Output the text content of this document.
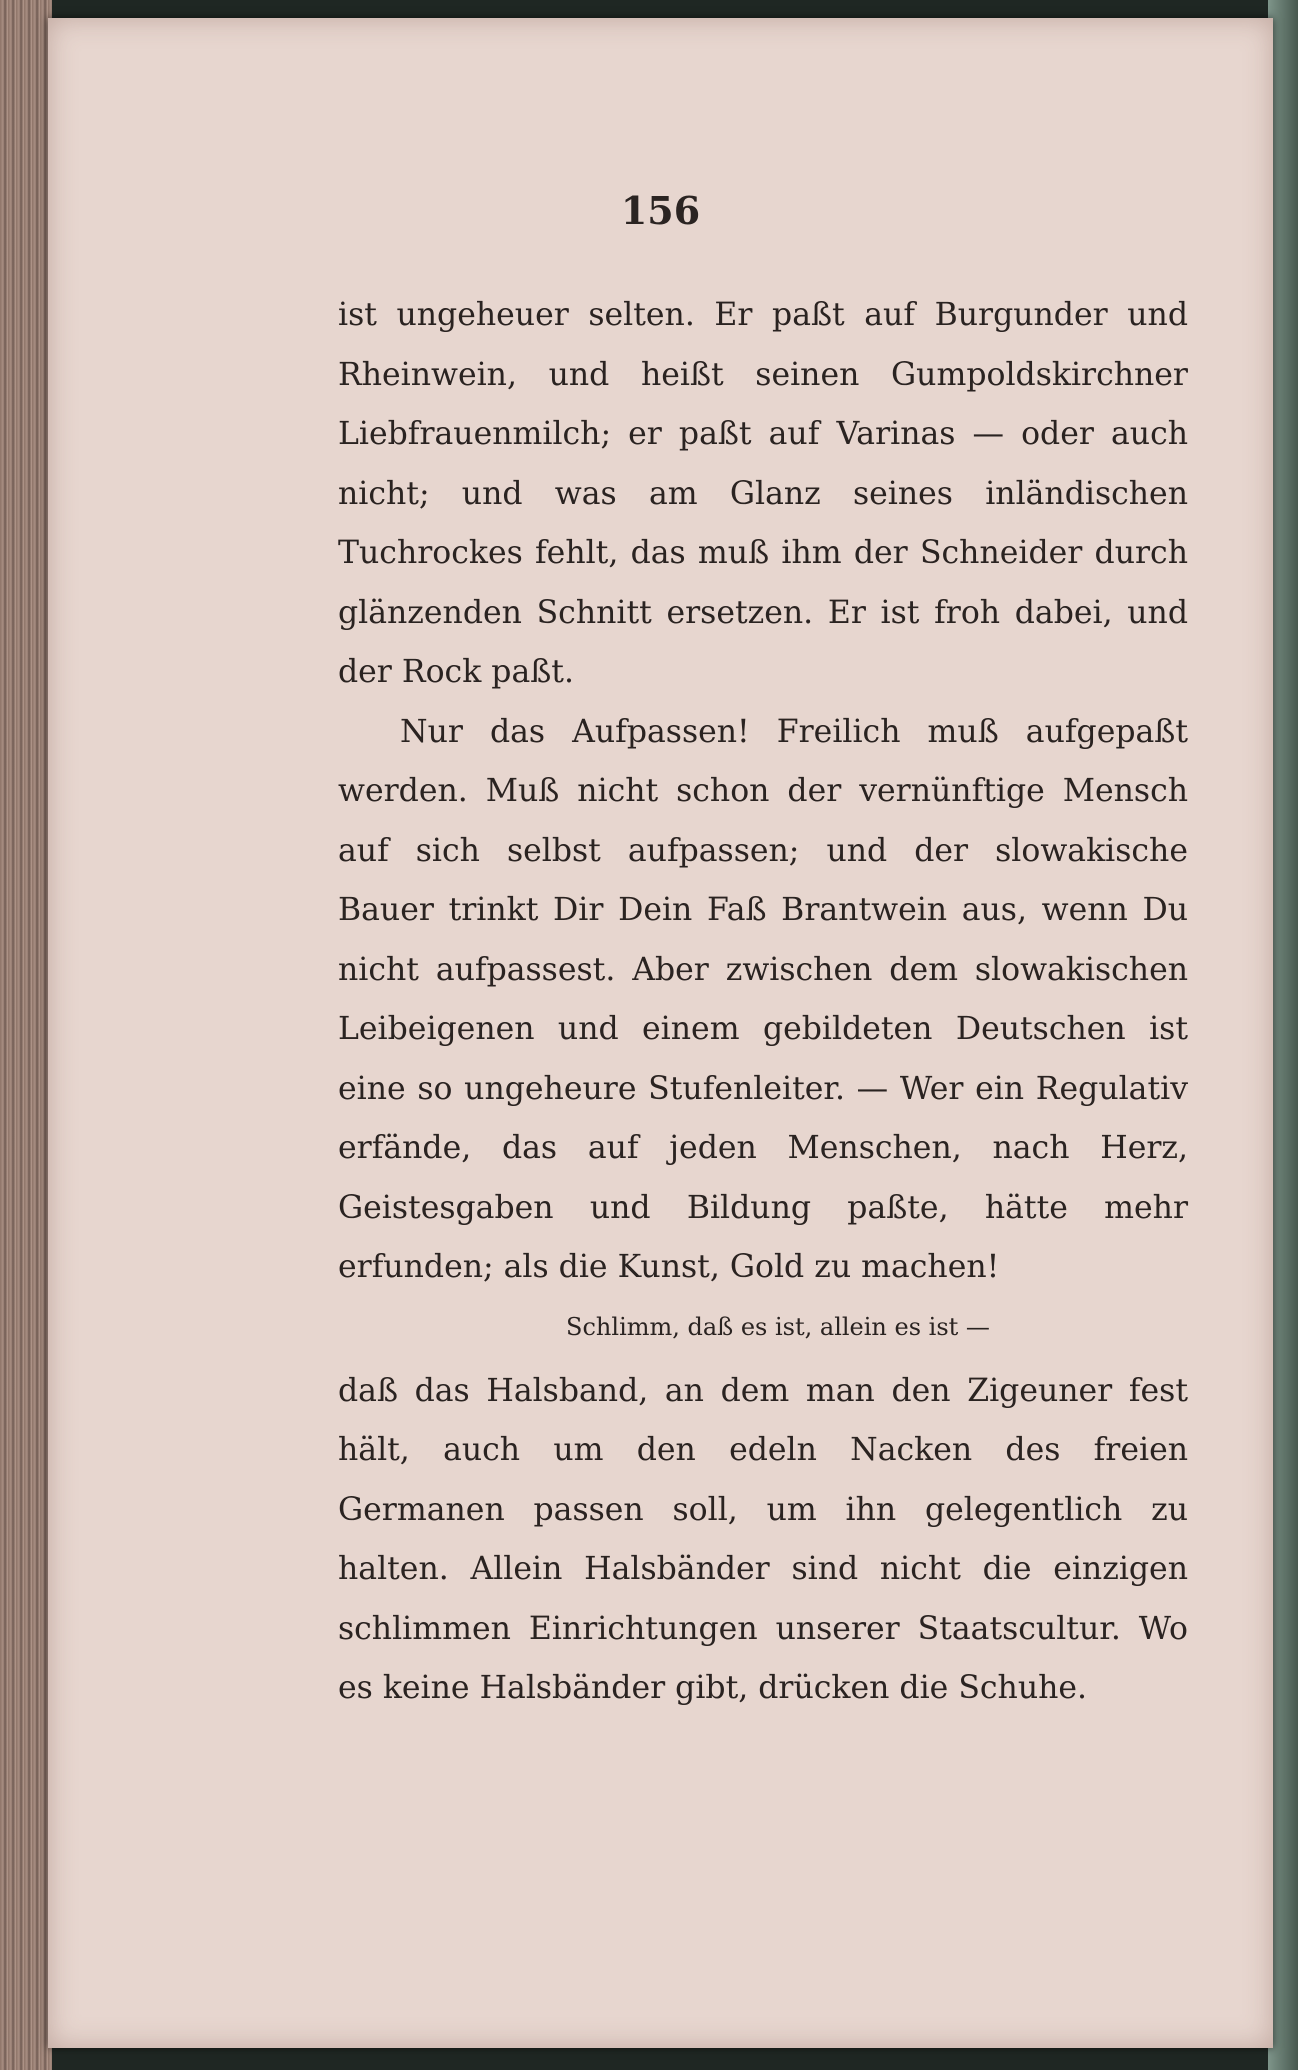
156

ist ungeheuer selten. Er paßt auf Burgunder und Rheinwein, und heißt seinen Gumpoldskirchner Liebfrauenmilch; er paßt auf Varinas — oder auch nicht; und was am Glanz seines inländischen Tuchrockes fehlt, das muß ihm der Schneider durch glänzenden Schnitt ersetzen. Er ist froh dabei, und der Rock paßt.

Nur das Aufpassen! Freilich muß aufgepaßt werden. Muß nicht schon der vernünftige Mensch auf sich selbst aufpassen; und der slowakische Bauer trinkt Dir Dein Faß Brantwein aus, wenn Du nicht aufpassest. Aber zwischen dem slowakischen Leibeigenen und einem gebildeten Deutschen ist eine so ungeheure Stufenleiter. — Wer ein Regulativ erfände, das auf jeden Menschen, nach Herz, Geistesgaben und Bildung paßte, hätte mehr erfunden; als die Kunst, Gold zu machen!

Schlimm, daß es ist, allein es ist —

daß das Halsband, an dem man den Zigeuner fest hält, auch um den edeln Nacken des freien Germanen passen soll, um ihn gelegentlich zu halten. Allein Halsbänder sind nicht die einzigen schlimmen Einrichtungen unserer Staatscultur. Wo es keine Halsbänder gibt, drücken die Schuhe.
